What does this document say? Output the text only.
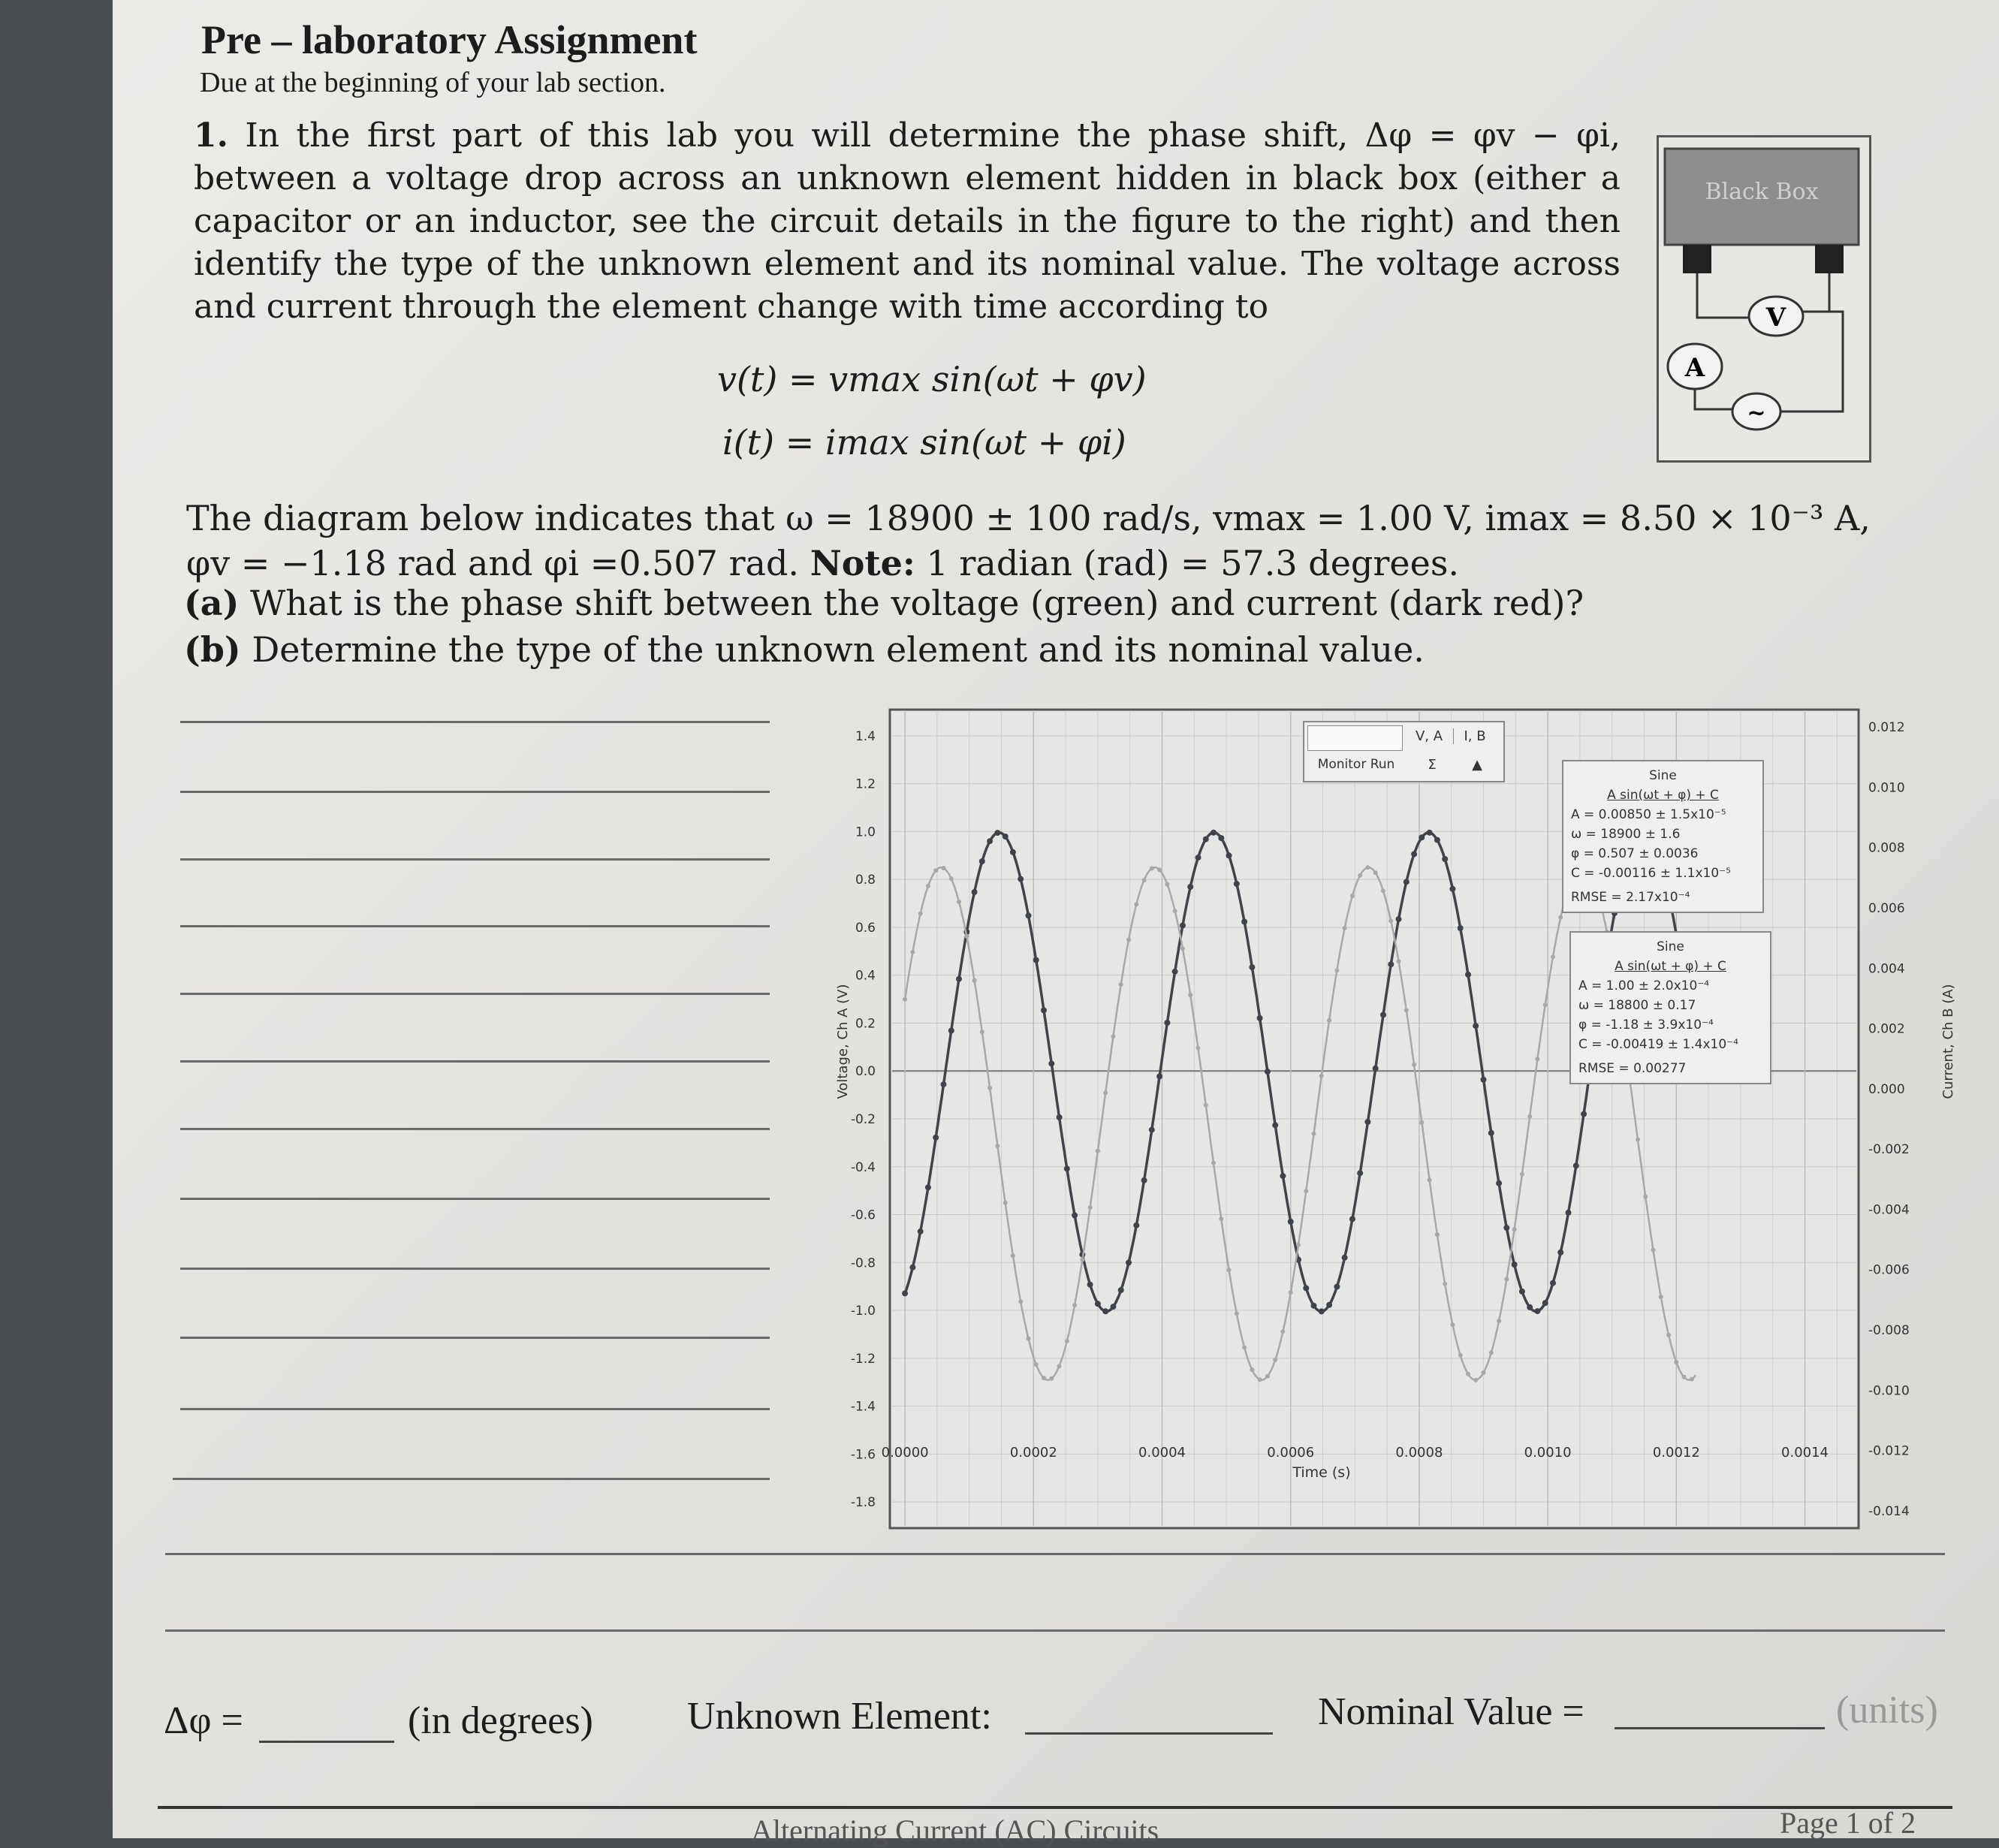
Pre – laboratory Assignment
Due at the beginning of your lab section.
1. In the first part of this lab you will determine the phase shift, Δφ = φv − φi, between a voltage drop across an unknown element hidden in black box (either a capacitor or an inductor, see the circuit details in the figure to the right) and then identify the type of the unknown element and its nominal value. The voltage across and current through the element change with time according to
v(t) = vmax sin(ωt + φv)
i(t) = imax sin(ωt + φi)
The diagram below indicates that ω = 18900 ± 100 rad/s, vmax = 1.00 V, imax = 8.50 × 10⁻³ A, φv = −1.18 rad and φi =0.507 rad. Note: 1 radian (rad) = 57.3 degrees.
(a) What is the phase shift between the voltage (green) and current (dark red)?
(b) Determine the type of the unknown element and its nominal value.
Black Box
V
A
~
1.4
1.2
1.0
0.8
0.6
0.4
0.2
0.0
-0.2
-0.4
-0.6
-0.8
-1.0
-1.2
-1.4
-1.6
-1.8
0.012
0.010
0.008
0.006
0.004
0.002
0.000
-0.002
-0.004
-0.006
-0.008
-0.010
-0.012
-0.014
0.0000	0.0002	0.0004	0.0006	0.0008	0.0010	0.0012	0.0014
Voltage, Ch A (V)	Current, Ch B (A)
Time (s)
V, A	I, B
Monitor Run	Σ	▲
Sine
A sin(ωt + φ) + C
A = 0.00850 ± 1.5x10⁻⁵
ω = 18900 ± 1.6
φ = 0.507 ± 0.0036
C = -0.00116 ± 1.1x10⁻⁵
RMSE = 2.17x10⁻⁴
Sine
A sin(ωt + φ) + C
A = 1.00 ± 2.0x10⁻⁴
ω = 18800 ± 0.17
φ = -1.18 ± 3.9x10⁻⁴
C = -0.00419 ± 1.4x10⁻⁴
RMSE = 0.00277
Δφ =	(in degrees) Unknown Element:	Nominal Value =	(units)
Alternating Current (AC) Circuits	Page 1 of 2
